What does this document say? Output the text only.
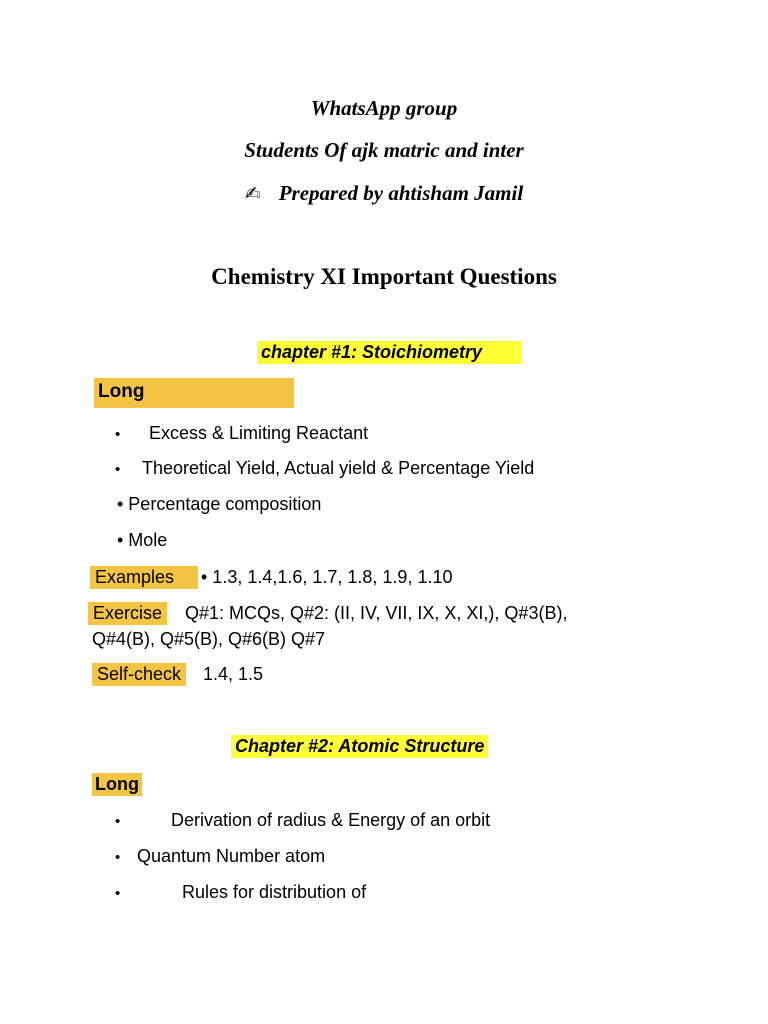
WhatsApp group
Students Of ajk matric and inter
✍ Prepared by ahtisham Jamil
Chemistry XI Important Questions
chapter #1: Stoichiometry
Long
• Excess & Limiting Reactant
• Theoretical Yield, Actual yield & Percentage Yield
• Percentage composition
• Mole
Examples	• 1.3, 1.4,1.6, 1.7, 1.8, 1.9, 1.10
Exercise Q#1: MCQs, Q#2: (II, IV, VII, IX, X, XI,), Q#3(B),
Q#4(B), Q#5(B), Q#6(B) Q#7
Self-check 1.4, 1.5
Chapter #2: Atomic Structure
Long
•	Derivation of radius & Energy of an orbit
• Quantum Number atom
•	Rules for distribution of
